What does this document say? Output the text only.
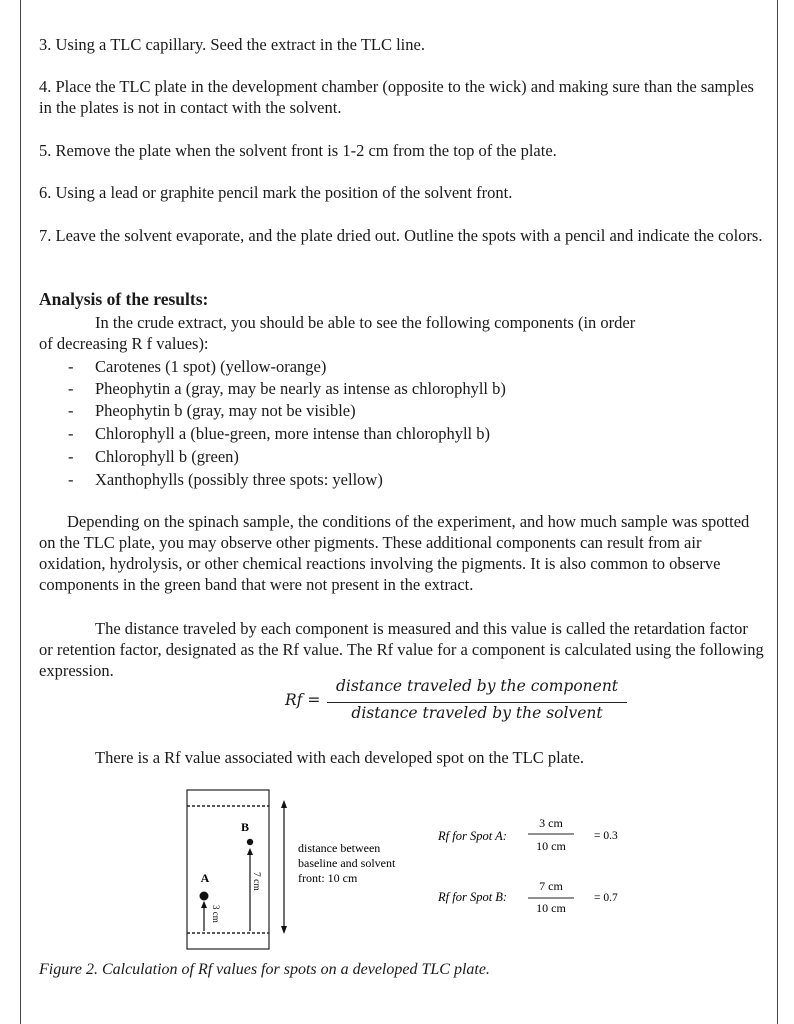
3. Using a TLC capillary. Seed the extract in the TLC line.
4. Place the TLC plate in the development chamber (opposite to the wick) and making sure than the samples in the plates is not in contact with the solvent.
5. Remove the plate when the solvent front is 1-2 cm from the top of the plate.
6. Using a lead or graphite pencil mark the position of the solvent front.
7. Leave the solvent evaporate, and the plate dried out. Outline the spots with a pencil and indicate the colors.
Analysis of the results:
In the crude extract, you should be able to see the following components (in order
of decreasing R f values):
- Carotenes (1 spot) (yellow-orange)
- Pheophytin a (gray, may be nearly as intense as chlorophyll b)
- Pheophytin b (gray, may not be visible)
- Chlorophyll a (blue-green, more intense than chlorophyll b)
- Chlorophyll b (green)
- Xanthophylls (possibly three spots: yellow)
Depending on the spinach sample, the conditions of the experiment, and how much sample was spotted on the TLC plate, you may observe other pigments. These additional components can result from air oxidation, hydrolysis, or other chemical reactions involving the pigments. It is also common to observe components in the green band that were not present in the extract.
The distance traveled by each component is measured and this value is called the retardation factor or retention factor, designated as the Rf value. The Rf value for a component is calculated using the following expression.
Rf =
distance traveled by the component
distance traveled by the solvent
There is a Rf value associated with each developed spot on the TLC plate.
B
A
3 cm
7 cm
distance between
baseline and solvent
front: 10 cm
Rf for Spot A:
3 cm
10 cm
= 0.3
Rf for Spot B:
7 cm
10 cm
= 0.7
Figure 2. Calculation of Rf values for spots on a developed TLC plate.
